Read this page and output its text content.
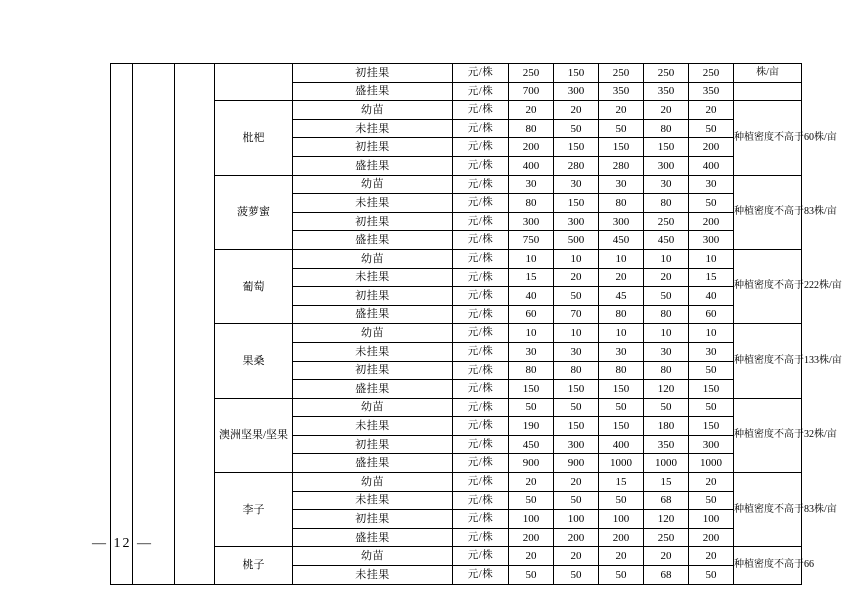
				初挂果	元/株	250	150	250	250	250	株/亩
				盛挂果	元/株	700	300	350	350	350	
			枇杷	幼苗	元/株	20	20	20	20	20	种植密度不高于60株/亩
				未挂果	元/株	80	50	50	80	50	
				初挂果	元/株	200	150	150	150	200	
				盛挂果	元/株	400	280	280	300	400	
			菠萝蜜	幼苗	元/株	30	30	30	30	30	种植密度不高于83株/亩
				未挂果	元/株	80	150	80	80	50	
				初挂果	元/株	300	300	300	250	200	
				盛挂果	元/株	750	500	450	450	300	
			葡萄	幼苗	元/株	10	10	10	10	10	种植密度不高于222株/亩
				未挂果	元/株	15	20	20	20	15	
				初挂果	元/株	40	50	45	50	40	
				盛挂果	元/株	60	70	80	80	60	
			果桑	幼苗	元/株	10	10	10	10	10	种植密度不高于133株/亩
				未挂果	元/株	30	30	30	30	30	
				初挂果	元/株	80	80	80	80	50	
				盛挂果	元/株	150	150	150	120	150	
			澳洲坚果/坚果	幼苗	元/株	50	50	50	50	50	种植密度不高于32株/亩
				未挂果	元/株	190	150	150	180	150	
				初挂果	元/株	450	300	400	350	300	
				盛挂果	元/株	900	900	1000	1000	1000	
			李子	幼苗	元/株	20	20	15	15	20	种植密度不高于83株/亩
				未挂果	元/株	50	50	50	68	50	
				初挂果	元/株	100	100	100	120	100	
				盛挂果	元/株	200	200	200	250	200	
			桃子	幼苗	元/株	20	20	20	20	20	种植密度不高于66
				未挂果	元/株	50	50	50	68	50	
— 12 —
